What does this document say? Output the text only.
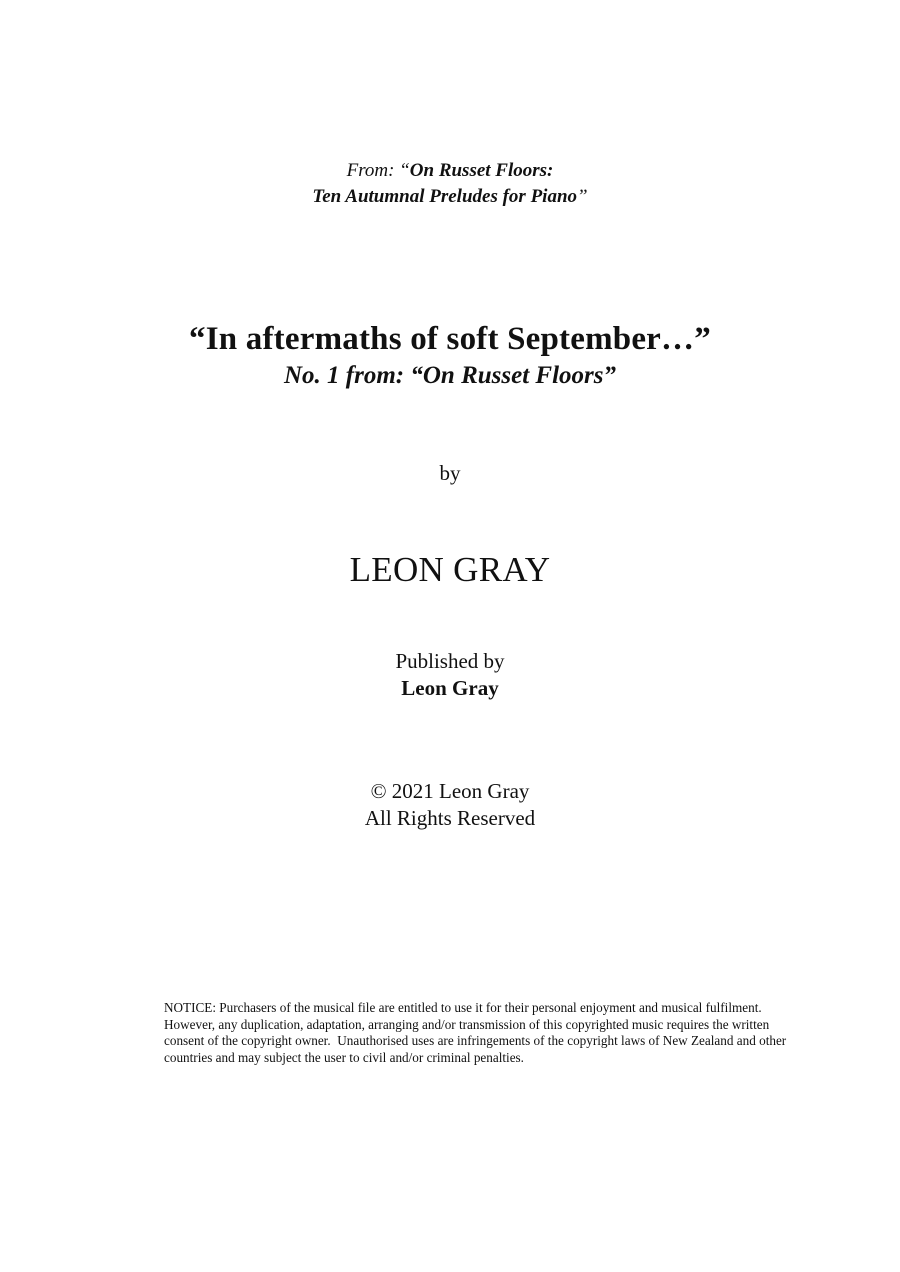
From: “On Russet Floors:
Ten Autumnal Preludes for Piano”
“In aftermaths of soft September…”
No. 1 from: “On Russet Floors”
by
LEON GRAY
Published by
Leon Gray
© 2021 Leon Gray
All Rights Reserved
NOTICE: Purchasers of the musical file are entitled to use it for their personal enjoyment and musical fulfilment. However, any duplication, adaptation, arranging and/or transmission of this copyrighted music requires the written consent of the copyright owner.  Unauthorised uses are infringements of the copyright laws of New Zealand and other countries and may subject the user to civil and/or criminal penalties.
